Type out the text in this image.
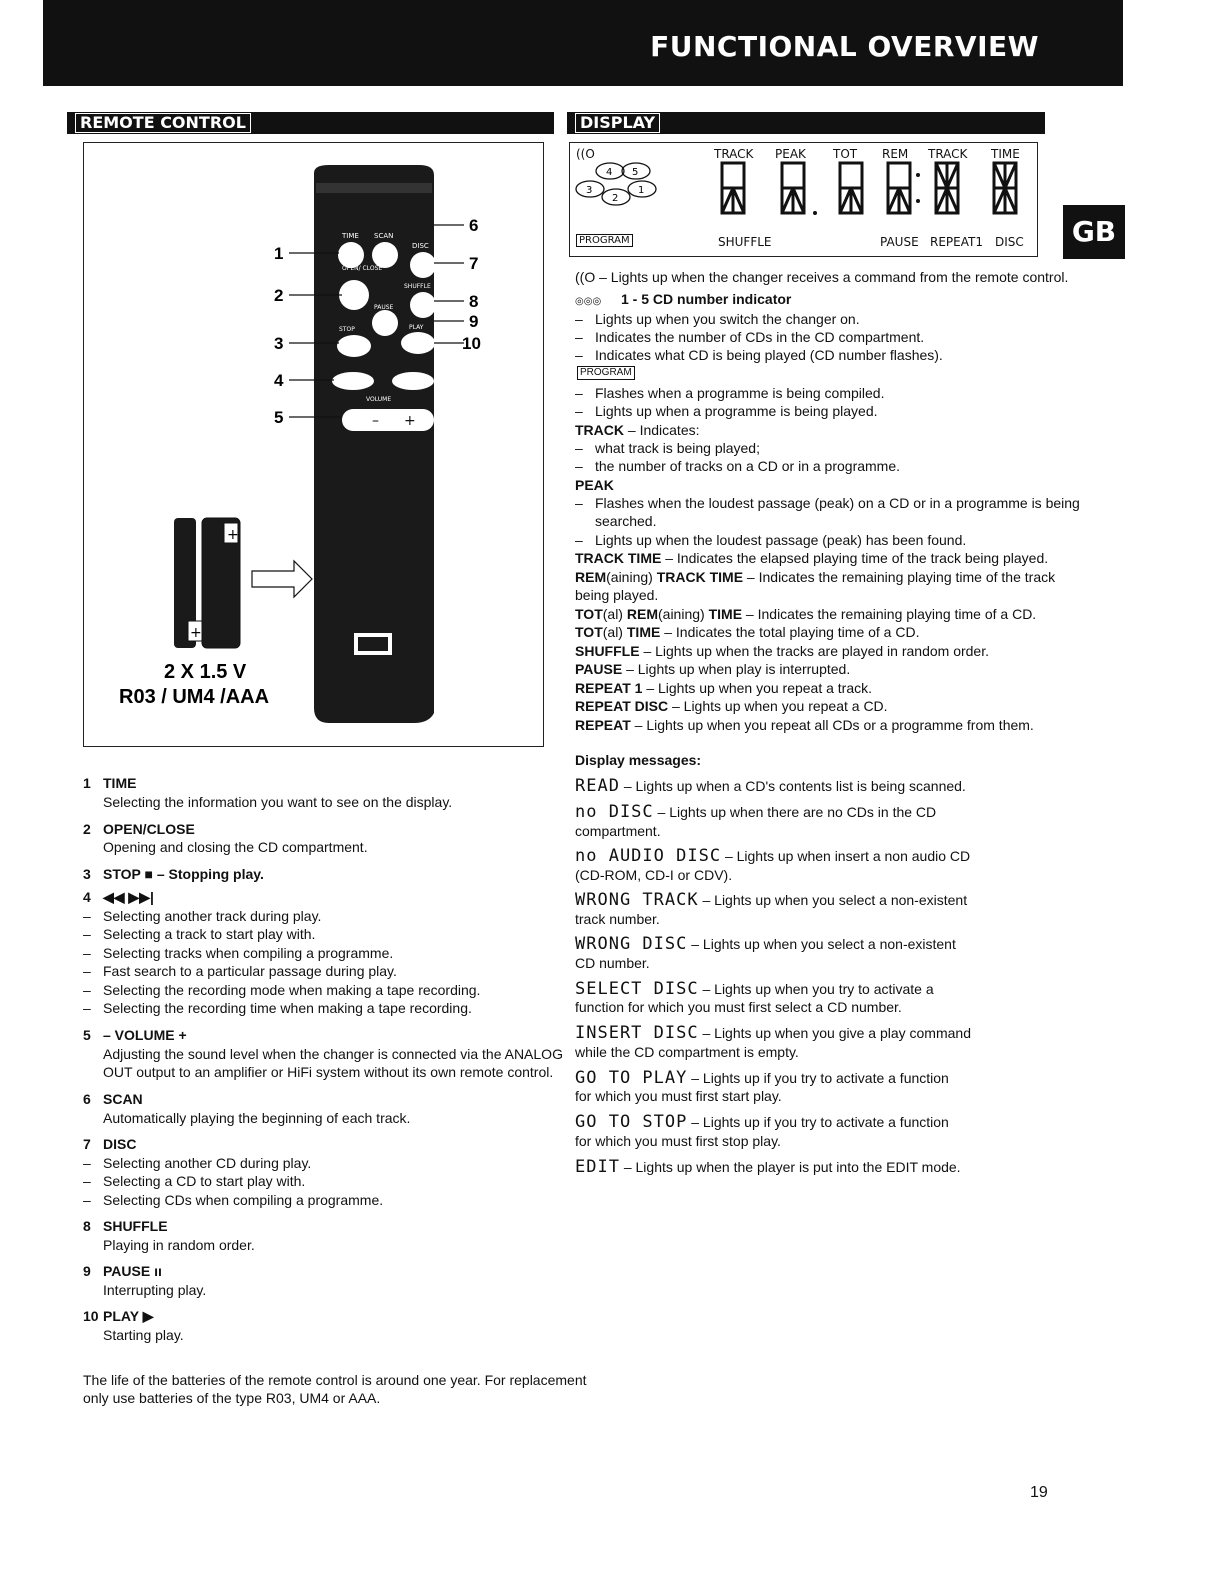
FUNCTIONAL OVERVIEW
GB
REMOTE CONTROL	DISPLAY
– +
TIME SCAN
DISC
OPEN/ CLOSE
SHUFFLE
PAUSE
STOP	PLAY
VOLUME
1
2
3
4
5
6
7
8
9
10
+
+
2 X 1.5 V
R03 / UM4 /AAA
((O	TRACK PEAK TOT REM TRACK TIME
4 5
3
2
1
PROGRAM	SHUFFLE	PAUSE REPEAT1 DISC
1 TIME
Selecting the information you want to see on the display.
2 OPEN/CLOSE
Opening and closing the CD compartment.
3 STOP ■ – Stopping play.
4 ◀◀ ▶▶|
– Selecting another track during play.
– Selecting a track to start play with.
– Selecting tracks when compiling a programme.
– Fast search to a particular passage during play.
– Selecting the recording mode when making a tape recording.
– Selecting the recording time when making a tape recording.
5 – VOLUME +
Adjusting the sound level when the changer is connected via the ANALOG
OUT output to an amplifier or HiFi system without its own remote control.
6 SCAN
Automatically playing the beginning of each track.
7 DISC
– Selecting another CD during play.
– Selecting a CD to start play with.
– Selecting CDs when compiling a programme.
8 SHUFFLE
Playing in random order.
9 PAUSE ıı
Interrupting play.
10 PLAY ▶
Starting play.
The life of the batteries of the remote control is around one year. For replacement
only use batteries of the type R03, UM4 or AAA.
((O – Lights up when the changer receives a command from the remote control.
◎◎◎ 1 - 5 CD number indicator
– Lights up when you switch the changer on.
– Indicates the number of CDs in the CD compartment.
– Indicates what CD is being played (CD number flashes).
PROGRAM
– Flashes when a programme is being compiled.
– Lights up when a programme is being played.
TRACK – Indicates:
– what track is being played;
– the number of tracks on a CD or in a programme.
PEAK
– Flashes when the loudest passage (peak) on a CD or in a programme is being
searched.
– Lights up when the loudest passage (peak) has been found.
TRACK TIME – Indicates the elapsed playing time of the track being played.
REM(aining) TRACK TIME – Indicates the remaining playing time of the track
being played.
TOT(al) REM(aining) TIME – Indicates the remaining playing time of a CD.
TOT(al) TIME – Indicates the total playing time of a CD.
SHUFFLE – Lights up when the tracks are played in random order.
PAUSE – Lights up when play is interrupted.
REPEAT 1 – Lights up when you repeat a track.
REPEAT DISC – Lights up when you repeat a CD.
REPEAT – Lights up when you repeat all CDs or a programme from them.
Display messages:
READ – Lights up when a CD's contents list is being scanned.
no DISC – Lights up when there are no CDs in the CD
compartment.
no AUDIO DISC – Lights up when insert a non audio CD
(CD-ROM, CD-I or CDV).
WRONG TRACK – Lights up when you select a non-existent
track number.
WRONG DISC – Lights up when you select a non-existent
CD number.
SELECT DISC – Lights up when you try to activate a
function for which you must first select a CD number.
INSERT DISC – Lights up when you give a play command
while the CD compartment is empty.
GO TO PLAY – Lights up if you try to activate a function
for which you must first start play.
GO TO STOP – Lights up if you try to activate a function
for which you must first stop play.
EDIT – Lights up when the player is put into the EDIT mode.
19
